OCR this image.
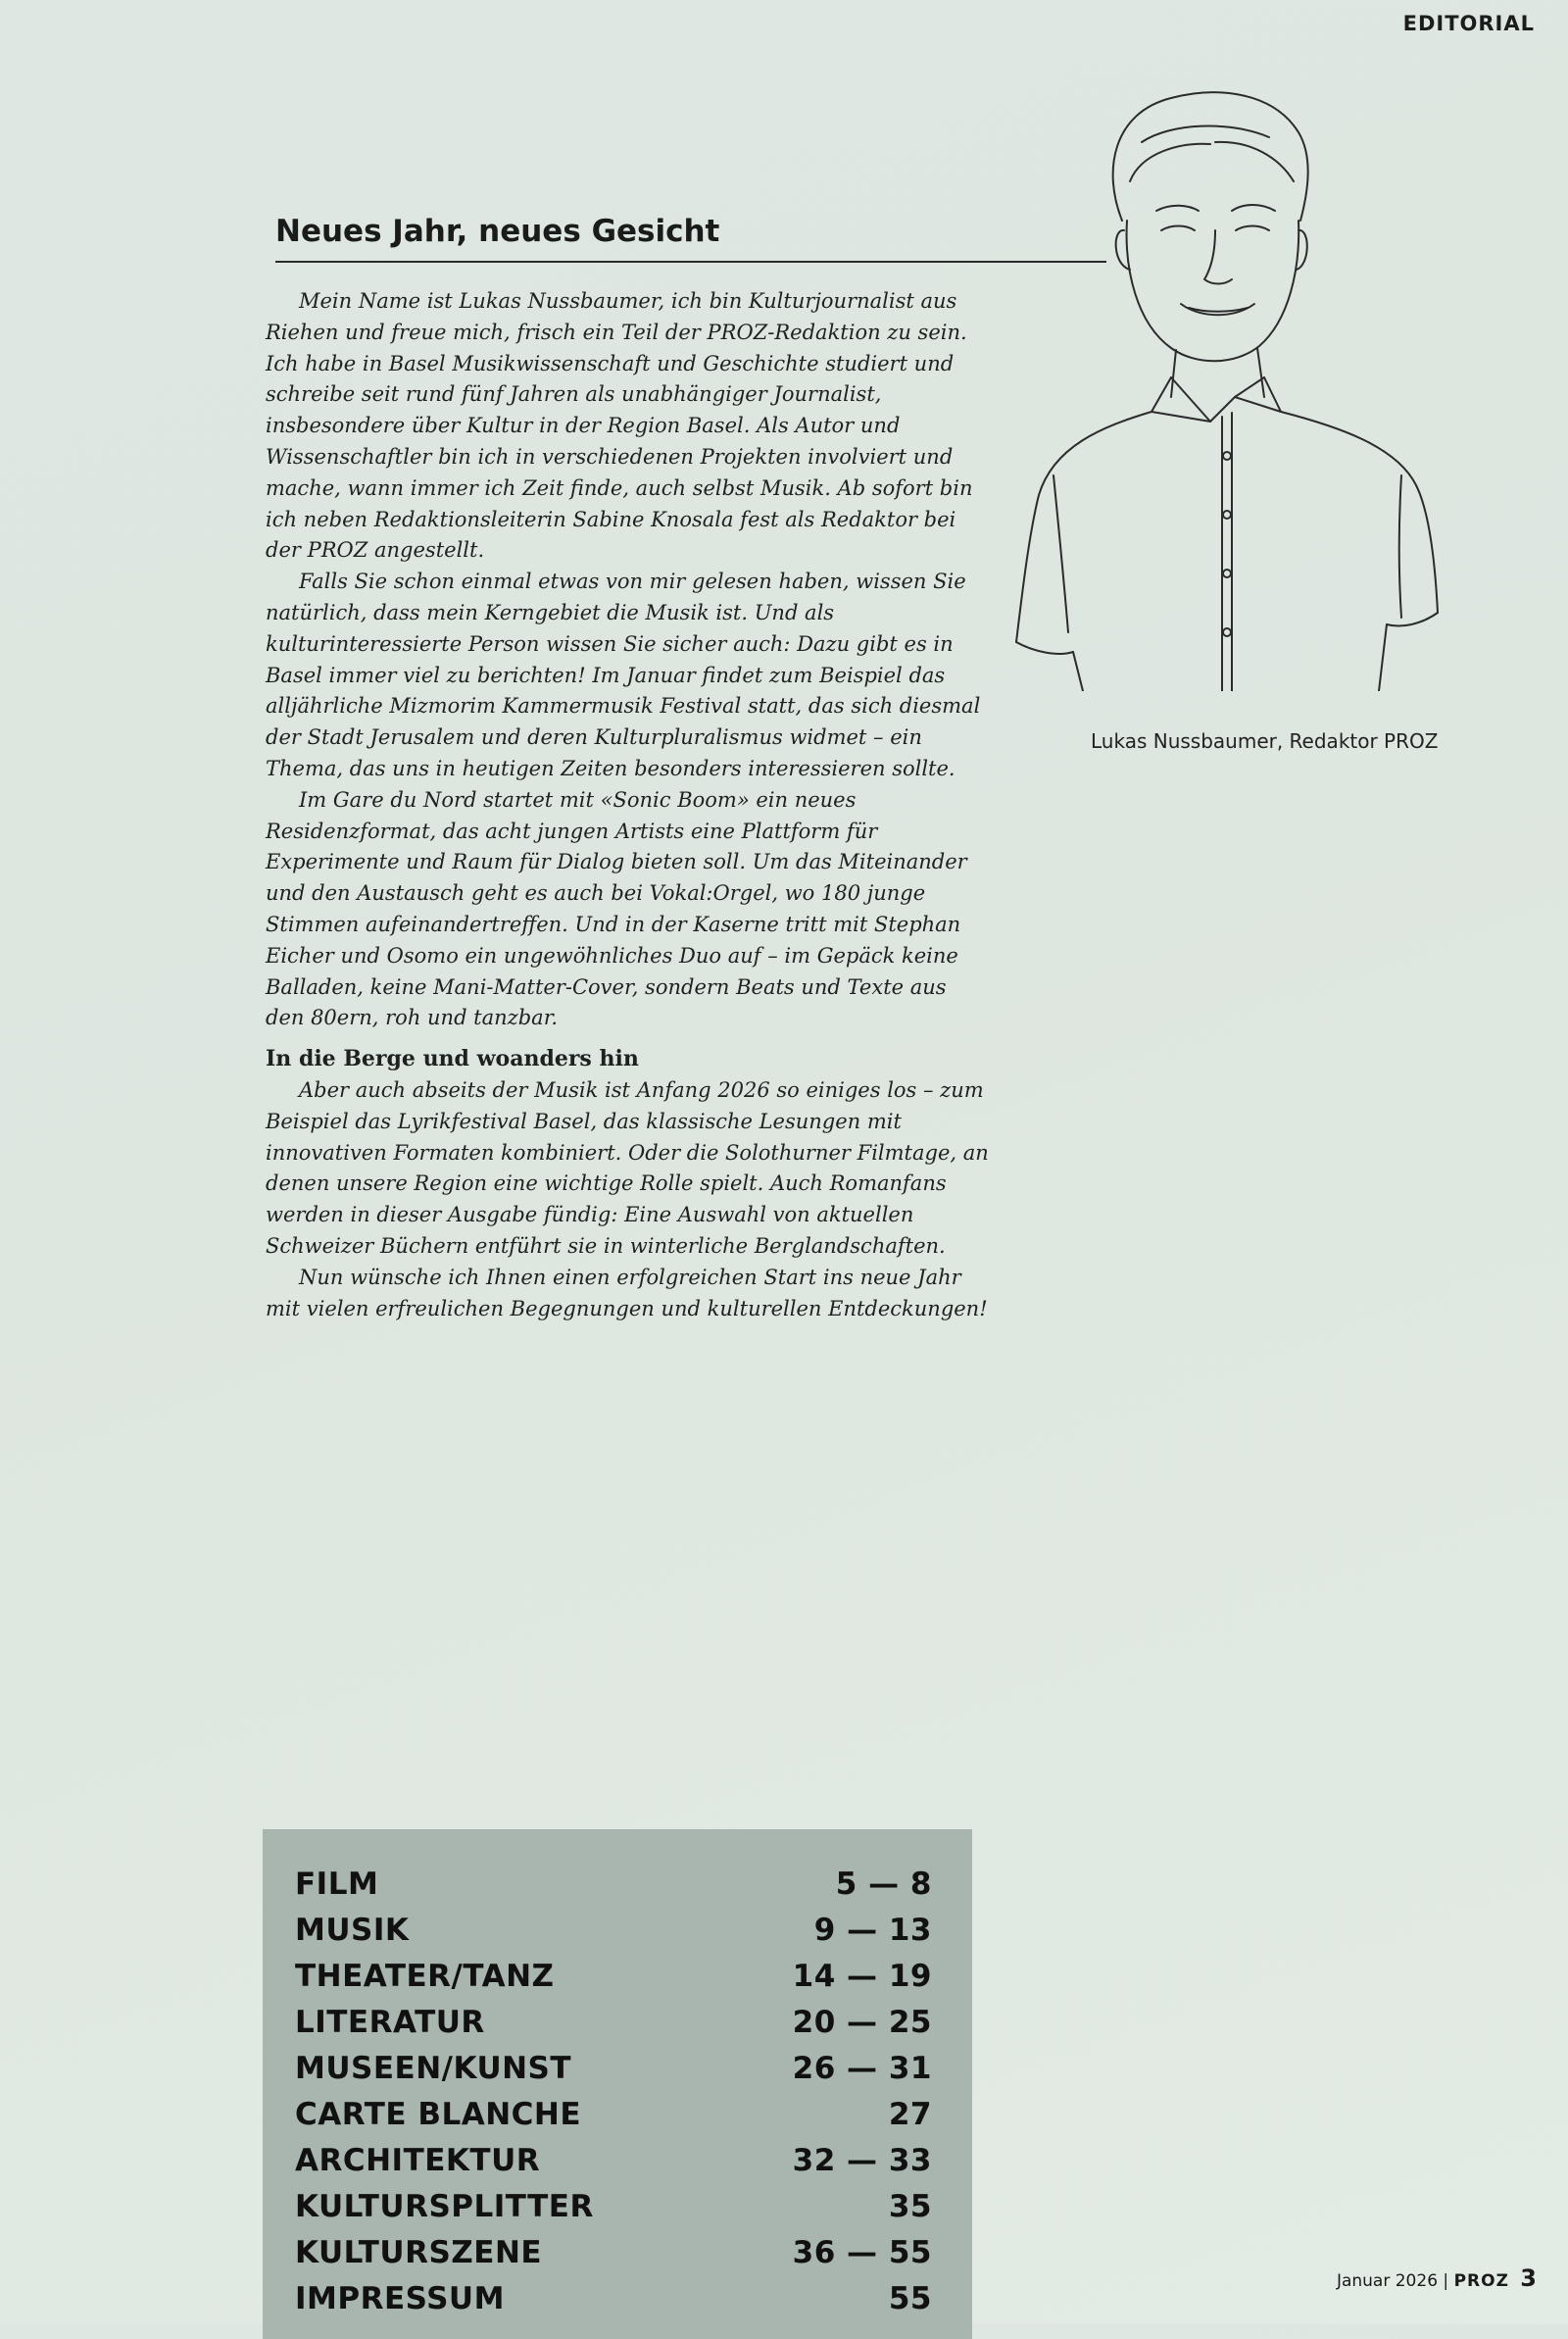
EDITORIAL
Neues Jahr, neues Gesicht

Mein Name ist Lukas Nussbaumer, ich bin Kulturjournalist aus Riehen und freue mich, frisch ein Teil der PROZ-Redaktion zu sein. Ich habe in Basel Musikwissenschaft und Geschichte studiert und schreibe seit rund fünf Jahren als unabhängiger Journalist, insbesondere über Kultur in der Region Basel. Als Autor und Wissenschaftler bin ich in verschiedenen Projekten involviert und mache, wann immer ich Zeit finde, auch selbst Musik. Ab sofort bin ich neben Redaktionsleiterin Sabine Knosala fest als Redaktor bei der PROZ angestellt.

Falls Sie schon einmal etwas von mir gelesen haben, wissen Sie natürlich, dass mein Kerngebiet die Musik ist. Und als kulturinteressierte Person wissen Sie sicher auch: Dazu gibt es in Basel immer viel zu berichten! Im Januar findet zum Beispiel das alljährliche Mizmorim Kammermusik Festival statt, das sich diesmal der Stadt Jerusalem und deren Kulturpluralismus widmet – ein Thema, das uns in heutigen Zeiten besonders interessieren sollte.

Im Gare du Nord startet mit «Sonic Boom» ein neues Residenzformat, das acht jungen Artists eine Plattform für Experimente und Raum für Dialog bieten soll. Um das Miteinander und den Austausch geht es auch bei Vokal:Orgel, wo 180 junge Stimmen aufeinandertreffen. Und in der Kaserne tritt mit Stephan Eicher und Osomo ein ungewöhnliches Duo auf – im Gepäck keine Balladen, keine Mani-Matter-Cover, sondern Beats und Texte aus den 80ern, roh und tanzbar.

In die Berge und woanders hin

Aber auch abseits der Musik ist Anfang 2026 so einiges los – zum Beispiel das Lyrikfestival Basel, das klassische Lesungen mit innovativen Formaten kombiniert. Oder die Solothurner Filmtage, an denen unsere Region eine wichtige Rolle spielt. Auch Romanfans werden in dieser Ausgabe fündig: Eine Auswahl von aktuellen Schweizer Büchern entführt sie in winterliche Berglandschaften.

Nun wünsche ich Ihnen einen erfolgreichen Start ins neue Jahr mit vielen erfreulichen Begegnungen und kulturellen Entdeckungen!

Lukas Nussbaumer, Redaktor PROZ
FILM	5 — 8
MUSIK	9 — 13
THEATER/TANZ	14 — 19
LITERATUR	20 — 25
MUSEEN/KUNST	26 — 31
CARTE BLANCHE	27
ARCHITEKTUR	32 — 33
KULTURSPLITTER	35
KULTURSZENE	36 — 55
IMPRESSUM	55	Januar 2026 | PROZ 3
